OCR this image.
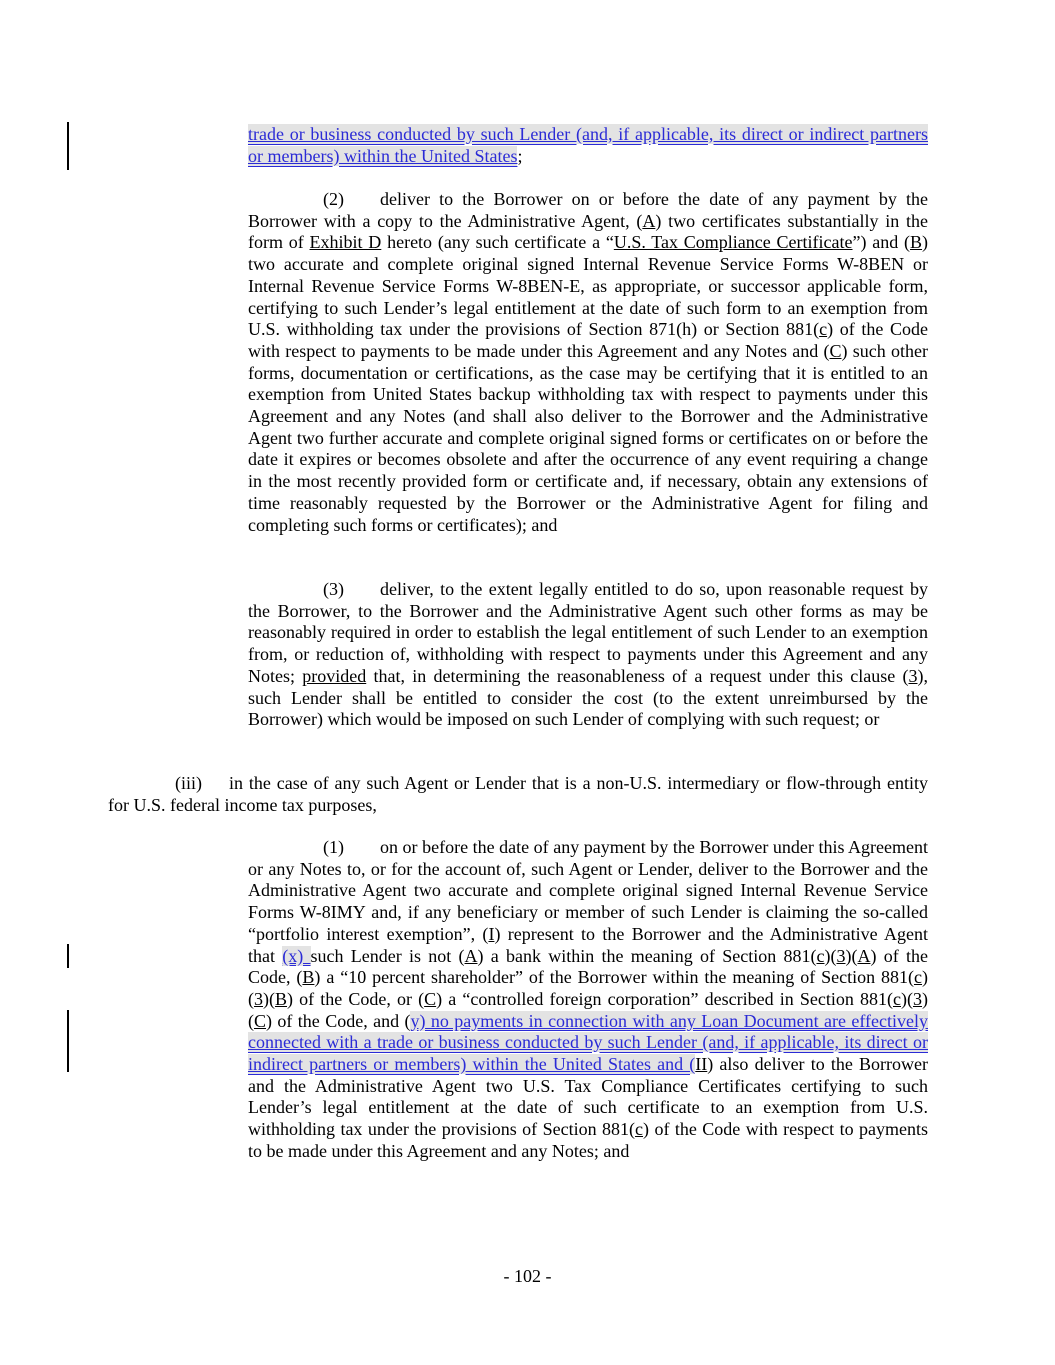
trade or business conducted by such Lender (and, if applicable, its direct or indirect partners or members) within the United States;

(2)  deliver to the Borrower on or before the date of any payment by the Borrower with a copy to the Administrative Agent, (A) two certificates substantially in the form of Exhibit D hereto (any such certificate a “U.S. Tax Compliance Certificate”) and (B) two accurate and complete original signed Internal Revenue Service Forms W-8BEN or Internal Revenue Service Forms W-8BEN-E, as appropriate, or successor applicable form, certifying to such Lender’s legal entitlement at the date of such form to an exemption from U.S. withholding tax under the provisions of Section 871(h) or Section 881(c) of the Code with respect to payments to be made under this Agreement and any Notes and (C) such other forms, documentation or certifications, as the case may be certifying that it is entitled to an exemption from United States backup withholding tax with respect to payments under this Agreement and any Notes (and shall also deliver to the Borrower and the Administrative Agent two further accurate and complete original signed forms or certificates on or before the date it expires or becomes obsolete and after the occurrence of any event requiring a change in the most recently provided form or certificate and, if necessary, obtain any extensions of time reasonably requested by the Borrower or the Administrative Agent for filing and completing such forms or certificates); and

(3)  deliver, to the extent legally entitled to do so, upon reasonable request by the Borrower, to the Borrower and the Administrative Agent such other forms as may be reasonably required in order to establish the legal entitlement of such Lender to an exemption from, or reduction of, withholding with respect to payments under this Agreement and any Notes; provided that, in determining the reasonableness of a request under this clause (3), such Lender shall be entitled to consider the cost (to the extent unreimbursed by the Borrower) which would be imposed on such Lender of complying with such request; or

(iii)  in the case of any such Agent or Lender that is a non-U.S. intermediary or flow-through entity for U.S. federal income tax purposes,

(1)  on or before the date of any payment by the Borrower under this Agreement or any Notes to, or for the account of, such Agent or Lender, deliver to the Borrower and the Administrative Agent two accurate and complete original signed Internal Revenue Service Forms W-8IMY and, if any beneficiary or member of such Lender is claiming the so-called “portfolio interest exemption”, (I) represent to the Borrower and the Administrative Agent that (x) such Lender is not (A) a bank within the meaning of Section 881(c)(3)(A) of the Code, (B) a “10 percent shareholder” of the Borrower within the meaning of Section 881(c)(3)(B) of the Code, or (C) a “controlled foreign corporation” described in Section 881(c)(3)(C) of the Code, and (y) no payments in connection with any Loan Document are effectively connected with a trade or business conducted by such Lender (and, if applicable, its direct or indirect partners or members) within the United States and (II) also deliver to the Borrower and the Administrative Agent two U.S. Tax Compliance Certificates certifying to such Lender’s legal entitlement at the date of such certificate to an exemption from U.S. withholding tax under the provisions of Section 881(c) of the Code with respect to payments to be made under this Agreement and any Notes; and

- 102 -
